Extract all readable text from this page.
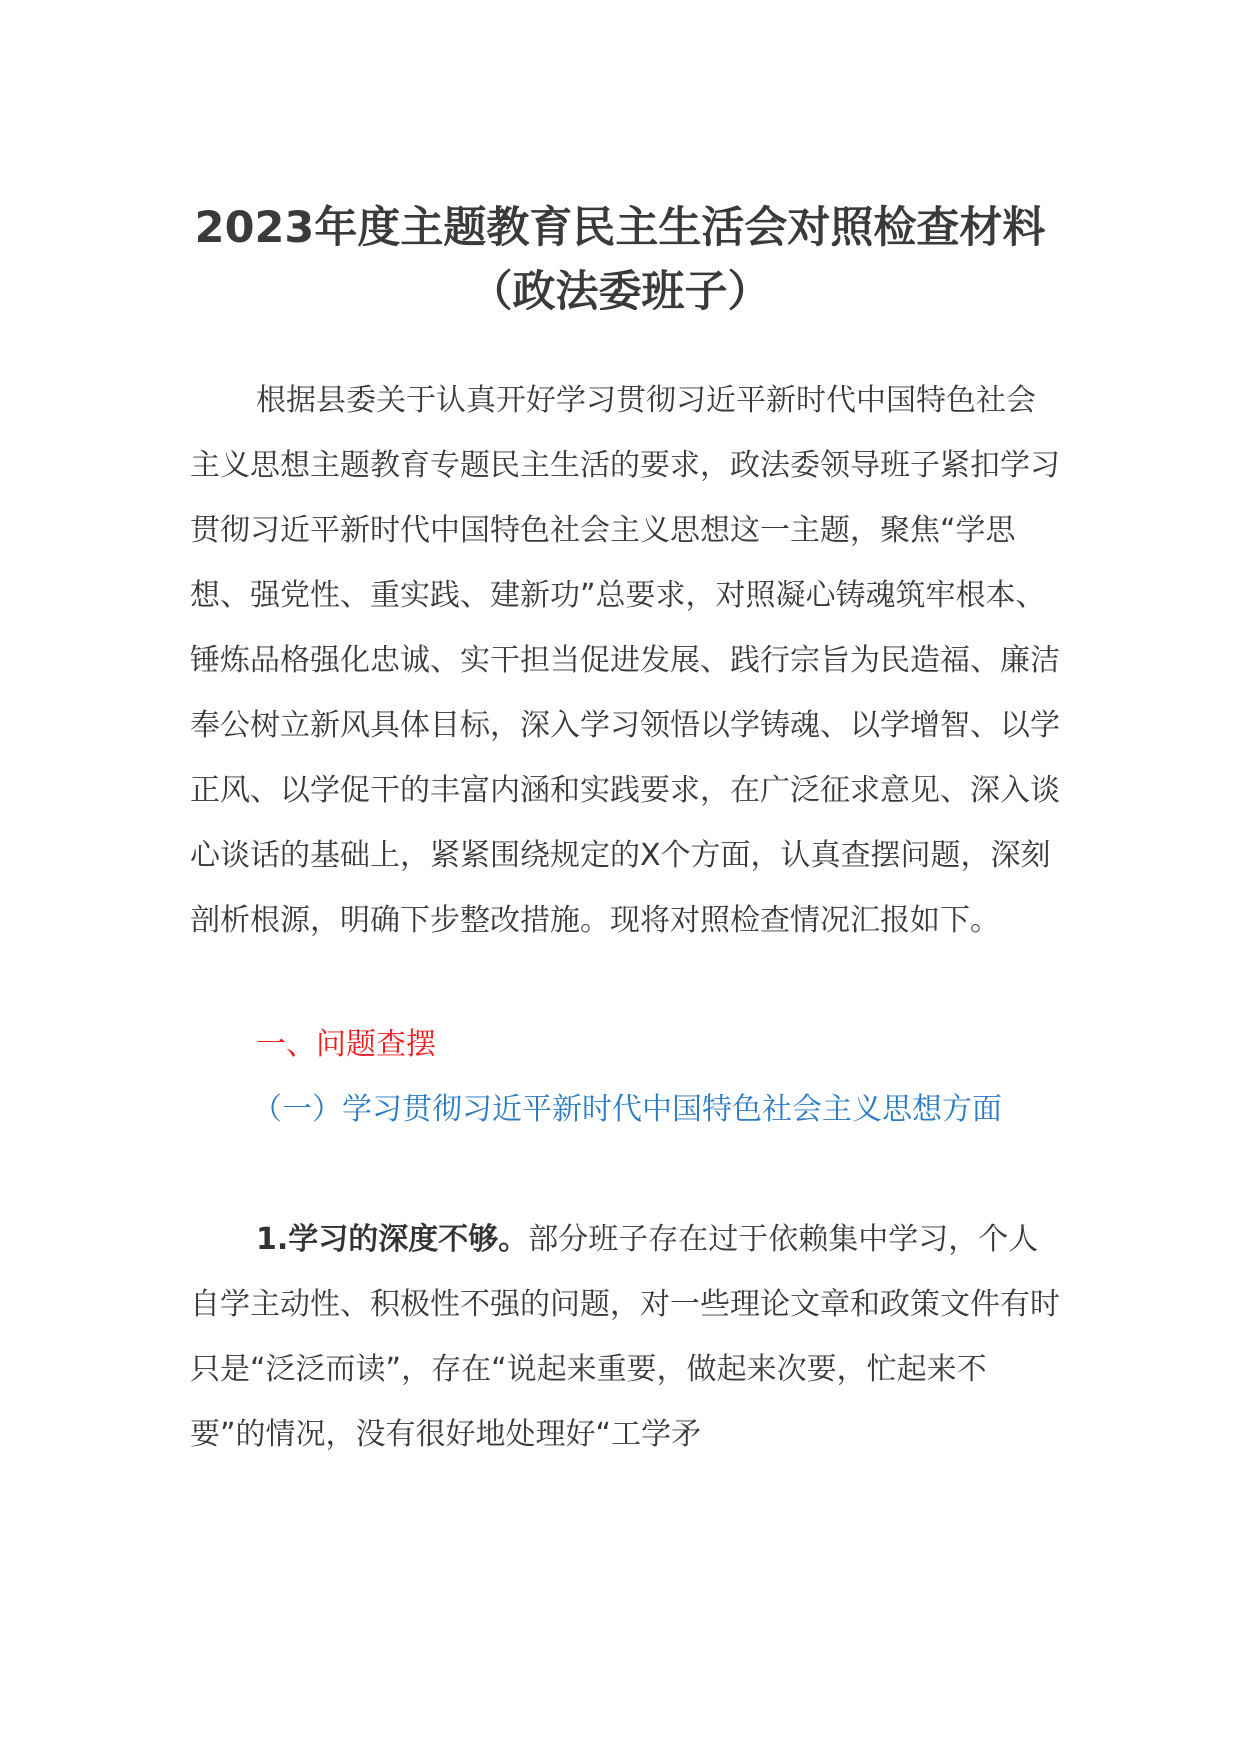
2023年度主题教育民主生活会对照检查材料（政法委班子）

根据县委关于认真开好学习贯彻习近平新时代中国特色社会主义思想主题教育专题民主生活的要求，政法委领导班子紧扣学习贯彻习近平新时代中国特色社会主义思想这一主题，聚焦“学思想、强党性、重实践、建新功”总要求，对照凝心铸魂筑牢根本、锤炼品格强化忠诚、实干担当促进发展、践行宗旨为民造福、廉洁奉公树立新风具体目标，深入学习领悟以学铸魂、以学增智、以学正风、以学促干的丰富内涵和实践要求，在广泛征求意见、深入谈心谈话的基础上，紧紧围绕规定的X个方面，认真查摆问题，深刻剖析根源，明确下步整改措施。现将对照检查情况汇报如下。

一、问题查摆
（一）学习贯彻习近平新时代中国特色社会主义思想方面

1.学习的深度不够。部分班子存在过于依赖集中学习，个人自学主动性、积极性不强的问题，对一些理论文章和政策文件有时只是“泛泛而读”，存在“说起来重要，做起来次要，忙起来不要”的情况，没有很好地处理好“工学矛
